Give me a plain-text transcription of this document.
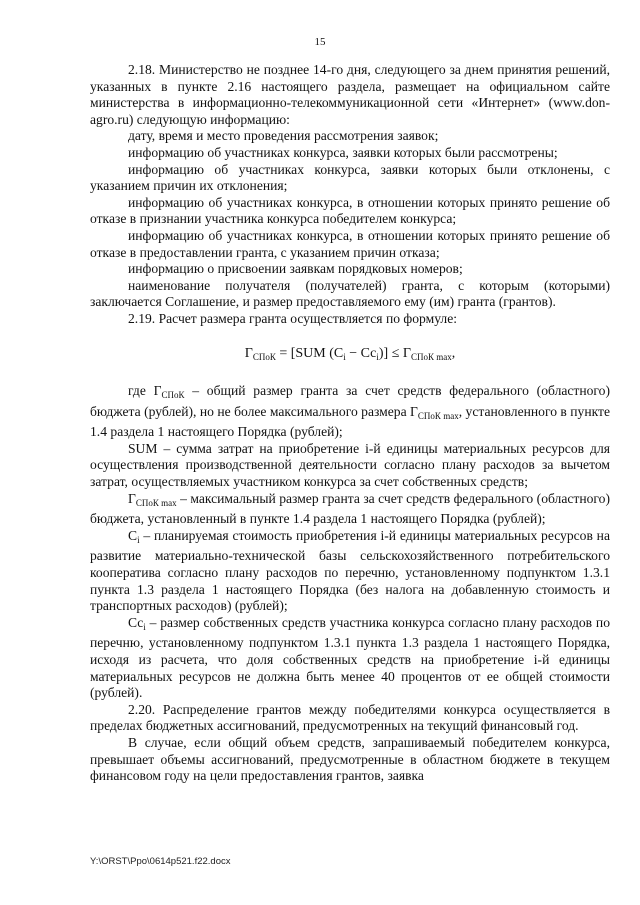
15

2.18. Министерство не позднее 14-го дня, следующего за днем принятия решений, указанных в пункте 2.16 настоящего раздела, размещает на официальном сайте министерства в информационно-телекоммуникационной сети «Интернет» (www.don-agro.ru) следующую информацию:

дату, время и место проведения рассмотрения заявок;

информацию об участниках конкурса, заявки которых были рассмотрены;

информацию об участниках конкурса, заявки которых были отклонены, с указанием причин их отклонения;

информацию об участниках конкурса, в отношении которых принято решение об отказе в признании участника конкурса победителем конкурса;

информацию об участниках конкурса, в отношении которых принято решение об отказе в предоставлении гранта, с указанием причин отказа;

информацию о присвоении заявкам порядковых номеров;

наименование получателя (получателей) гранта, с которым (которыми) заключается Соглашение, и размер предоставляемого ему (им) гранта (грантов).

2.19. Расчет размера гранта осуществляется по формуле:

$Г_{СПоК} = [SUM$ $(C_i - Сс_i)] \le Г_{СПоК max}$,

где $Г_{СПоК}$ – общий размер гранта за счет средств федерального (областного) бюджета (рублей), но не более максимального размера $Г_{СПоК max}$, установленного в пункте 1.4 раздела 1 настоящего Порядка (рублей);

SUM – сумма затрат на приобретение i-й единицы материальных ресурсов для осуществления производственной деятельности согласно плану расходов за вычетом затрат, осуществляемых участником конкурса за счет собственных средств;

$Г_{СПоК max}$ – максимальный размер гранта за счет средств федерального (областного) бюджета, установленный в пункте 1.4 раздела 1 настоящего Порядка (рублей);

$C_i$ – планируемая стоимость приобретения i-й единицы материальных ресурсов на развитие материально-технической базы сельскохозяйственного потребительского кооператива согласно плану расходов по перечню, установленному подпунктом 1.3.1 пункта 1.3 раздела 1 настоящего Порядка (без налога на добавленную стоимость и транспортных расходов) (рублей);

$Сс_i$ – размер собственных средств участника конкурса согласно плану расходов по перечню, установленному подпунктом 1.3.1 пункта 1.3 раздела 1 настоящего Порядка, исходя из расчета, что доля собственных средств на приобретение i-й единицы материальных ресурсов не должна быть менее 40 процентов от ее общей стоимости (рублей).

2.20. Распределение грантов между победителями конкурса осуществляется в пределах бюджетных ассигнований, предусмотренных на текущий финансовый год.

В случае, если общий объем средств, запрашиваемый победителем конкурса, превышает объемы ассигнований, предусмотренные в областном бюджете в текущем финансовом году на цели предоставления грантов, заявка

Y:\ORST\Ppo\0614p521.f22.docx
